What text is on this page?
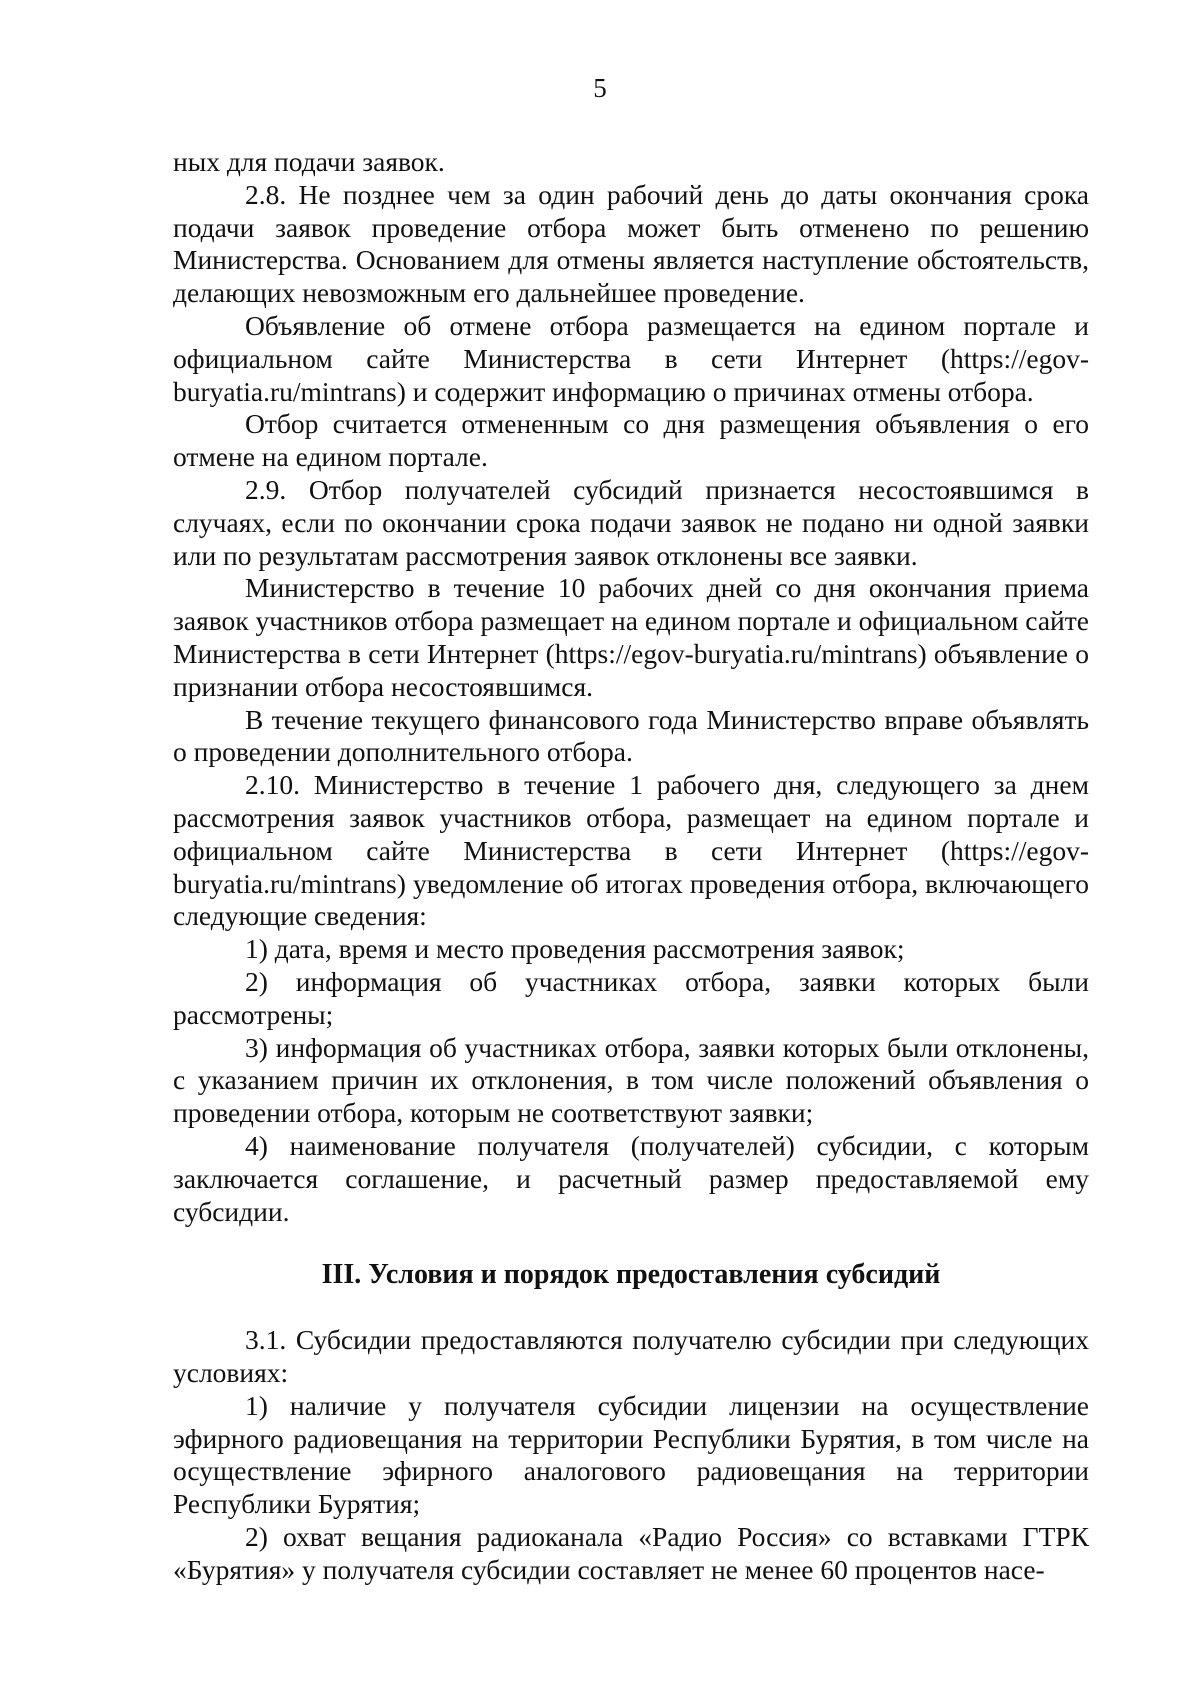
5

ных для подачи заявок.

2.8. Не позднее чем за один рабочий день до даты окончания срока подачи заявок проведение отбора может быть отменено по решению Министерства. Основанием для отмены является наступление обстоятельств, делающих невозможным его дальнейшее проведение.

Объявление об отмене отбора размещается на едином портале и официальном сайте Министерства в сети Интернет (https://egov-buryatia.ru/mintrans) и содержит информацию о причинах отмены отбора.

Отбор считается отмененным со дня размещения объявления о его отмене на едином портале.

2.9. Отбор получателей субсидий признается несостоявшимся в случаях, если по окончании срока подачи заявок не подано ни одной заявки или по результатам рассмотрения заявок отклонены все заявки.

Министерство в течение 10 рабочих дней со дня окончания приема заявок участников отбора размещает на едином портале и официальном сайте Министерства в сети Интернет (https://egov-buryatia.ru/mintrans) объявление о признании отбора несостоявшимся.

В течение текущего финансового года Министерство вправе объявлять о проведении дополнительного отбора.

2.10. Министерство в течение 1 рабочего дня, следующего за днем рассмотрения заявок участников отбора, размещает на едином портале и официальном сайте Министерства в сети Интернет (https://egov-buryatia.ru/mintrans) уведомление об итогах проведения отбора, включающего следующие сведения:

1) дата, время и место проведения рассмотрения заявок;

2) информация об участниках отбора, заявки которых были рассмотрены;

3) информация об участниках отбора, заявки которых были отклонены, с указанием причин их отклонения, в том числе положений объявления о проведении отбора, которым не соответствуют заявки;

4) наименование получателя (получателей) субсидии, с которым заключается соглашение, и расчетный размер предоставляемой ему субсидии.

III. Условия и порядок предоставления субсидий

3.1. Субсидии предоставляются получателю субсидии при следующих условиях:

1) наличие у получателя субсидии лицензии на осуществление эфирного радиовещания на территории Республики Бурятия, в том числе на осуществление эфирного аналогового радиовещания на территории Республики Бурятия;

2) охват вещания радиоканала «Радио Россия» со вставками ГТРК «Бурятия» у получателя субсидии составляет не менее 60 процентов насе-
